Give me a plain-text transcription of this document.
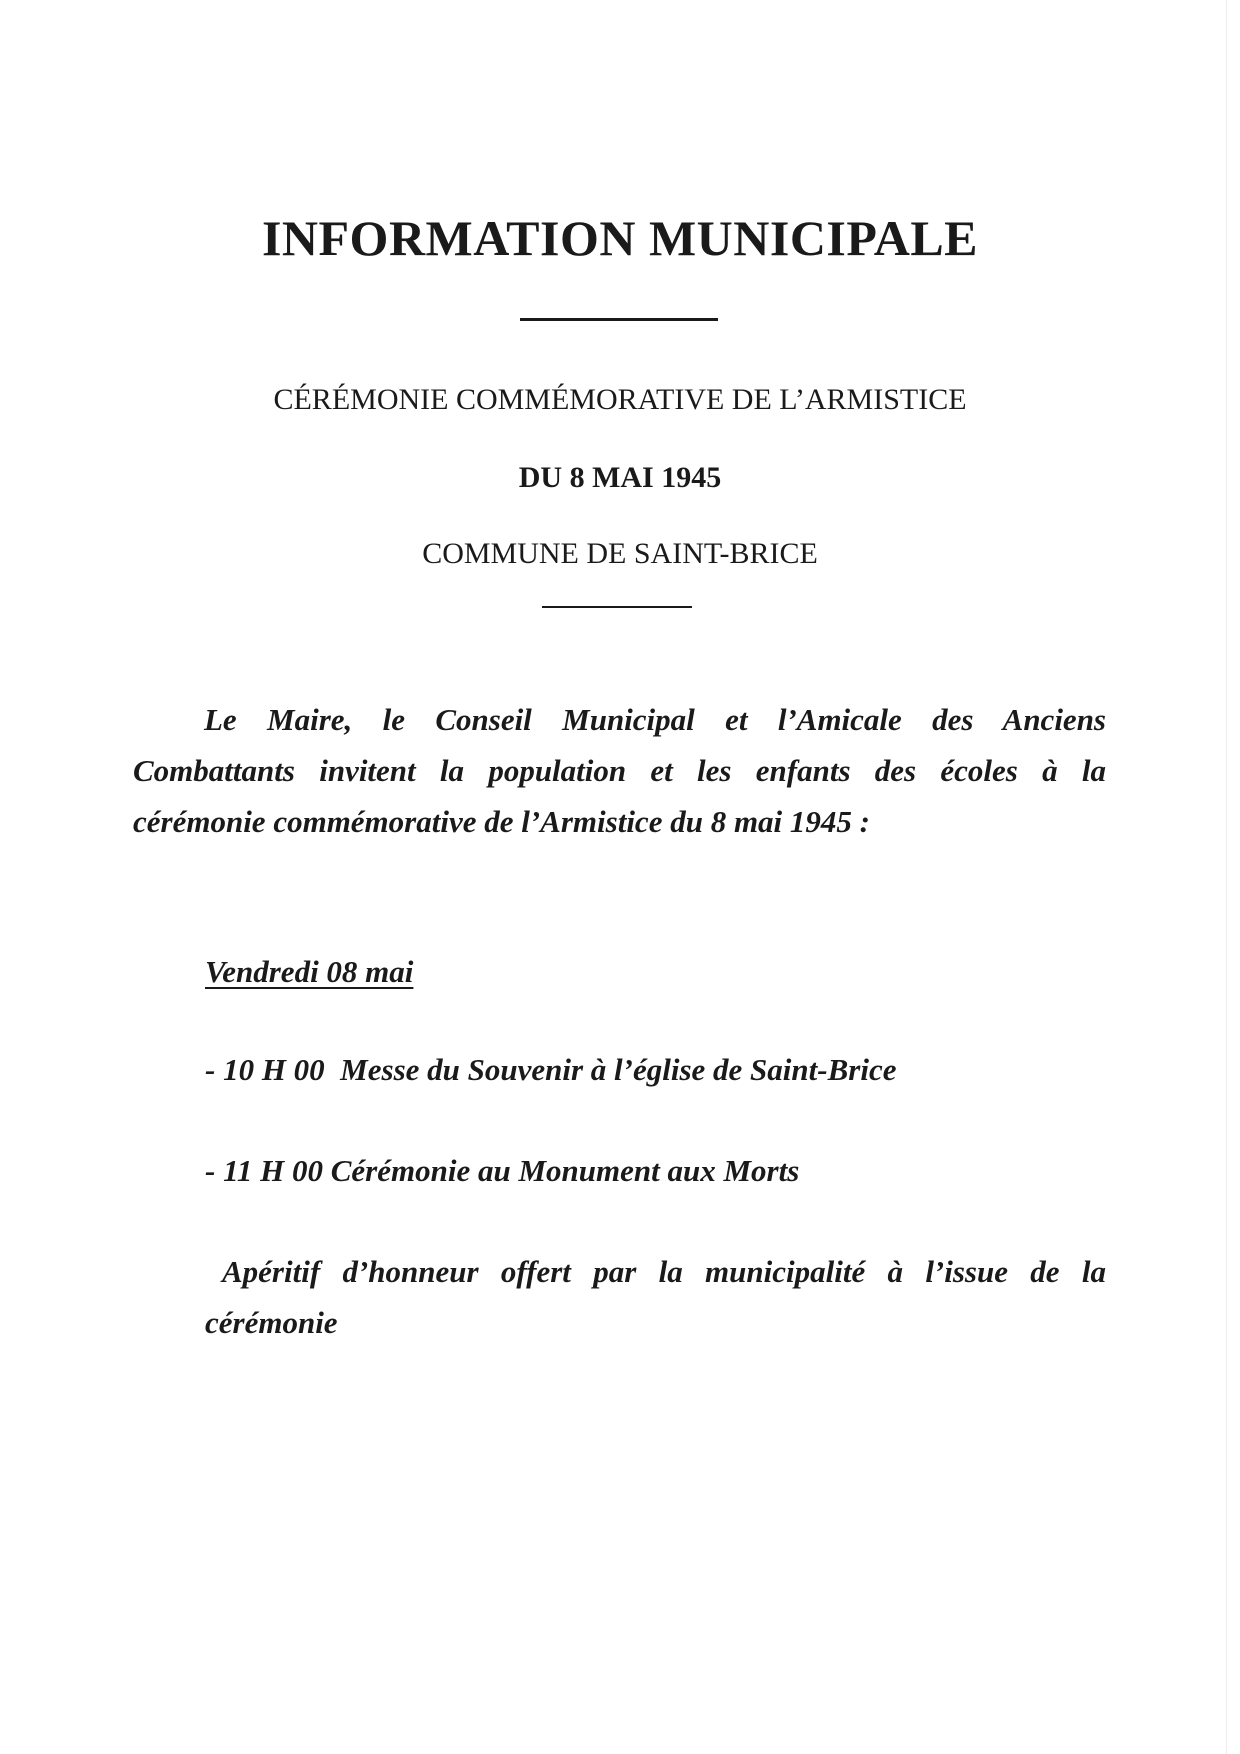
INFORMATION MUNICIPALE
CÉRÉMONIE COMMÉMORATIVE DE L’ARMISTICE
DU 8 MAI 1945
COMMUNE DE SAINT-BRICE
Le Maire, le Conseil Municipal et l’Amicale des Anciens
Combattants invitent la population et les enfants des écoles à la
cérémonie commémorative de l’Armistice du 8 mai 1945 :
Vendredi 08 mai
- 10 H 00  Messe du Souvenir à l’église de Saint-Brice
- 11 H 00 Cérémonie au Monument aux Morts
Apéritif d’honneur offert par la municipalité à l’issue de la
cérémonie
